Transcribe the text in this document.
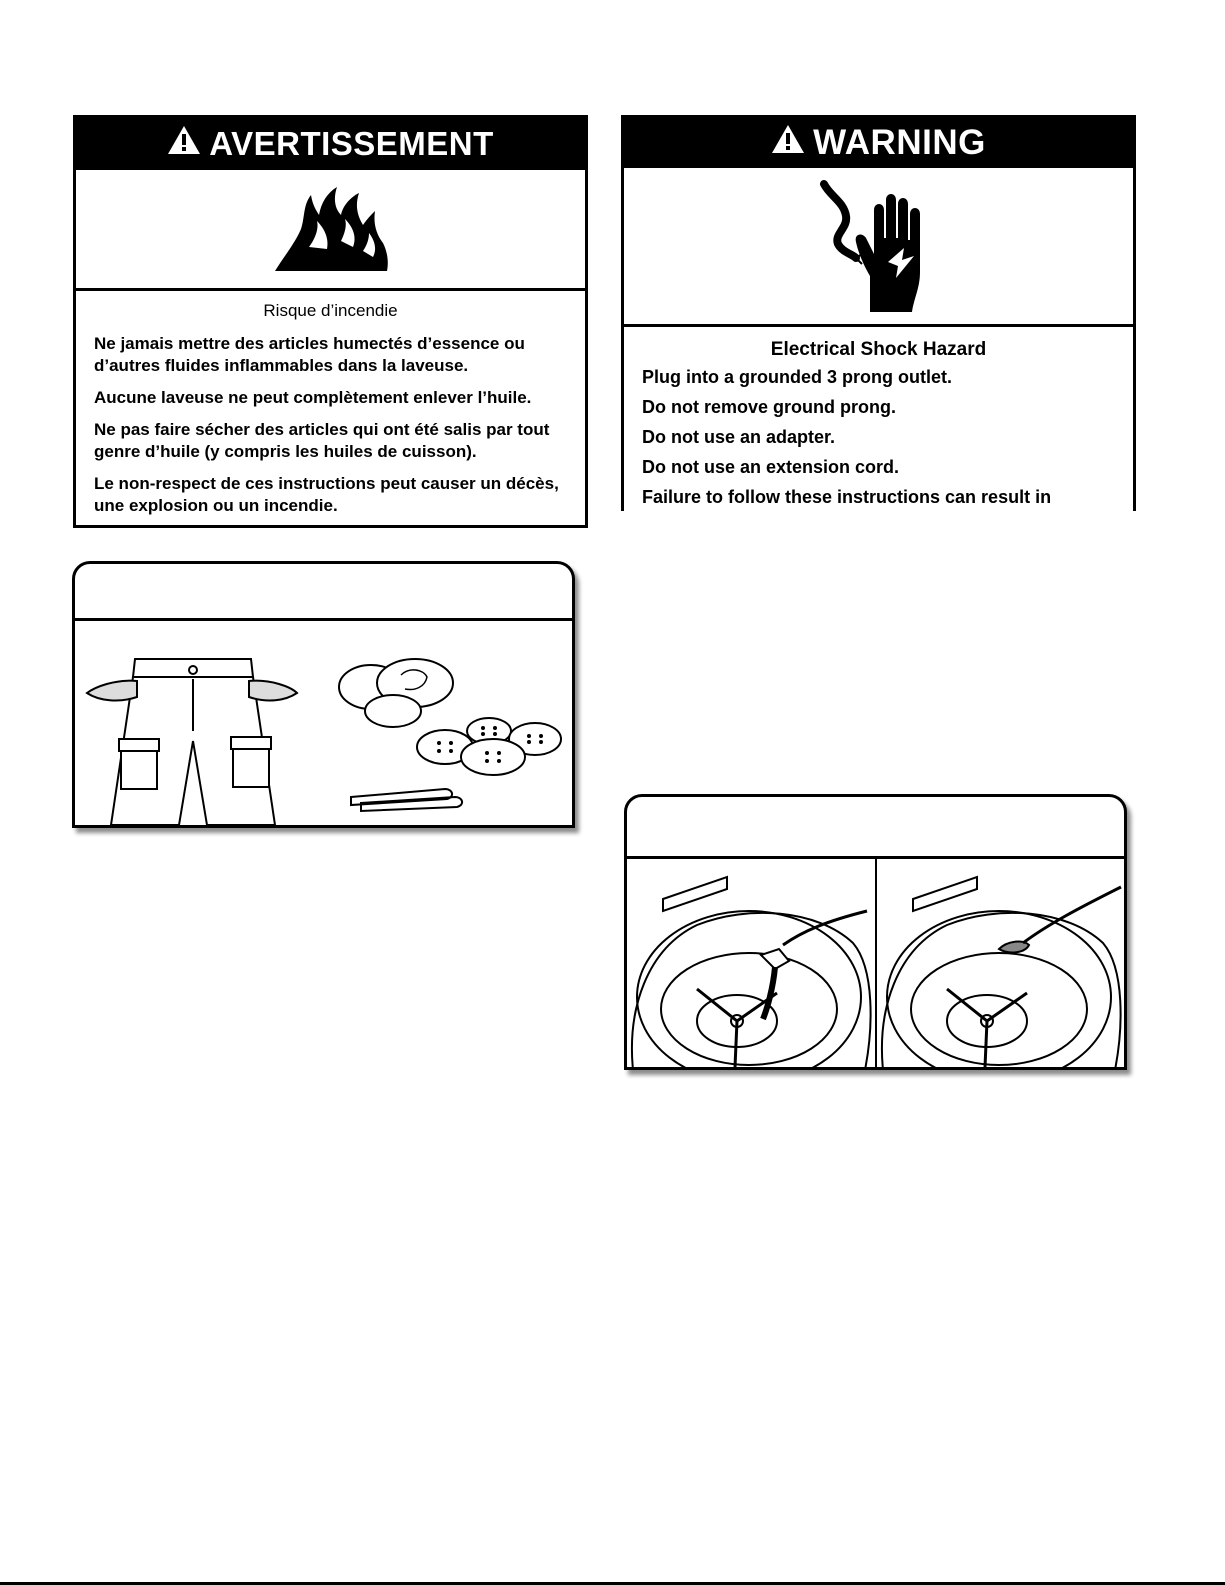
AVERTISSEMENT
Risque d’incendie

Ne jamais mettre des articles humectés d’essence ou d’autres fluides inflammables dans la laveuse.

Aucune laveuse ne peut complètement enlever l’huile.

Ne pas faire sécher des articles qui ont été salis par tout genre d’huile (y compris les huiles de cuisson).

Le non-respect de ces instructions peut causer un décès, une explosion ou un incendie.

WARNING
Electrical Shock Hazard

Plug into a grounded 3 prong outlet.

Do not remove ground prong.

Do not use an adapter.

Do not use an extension cord.

Failure to follow these instructions can result in
